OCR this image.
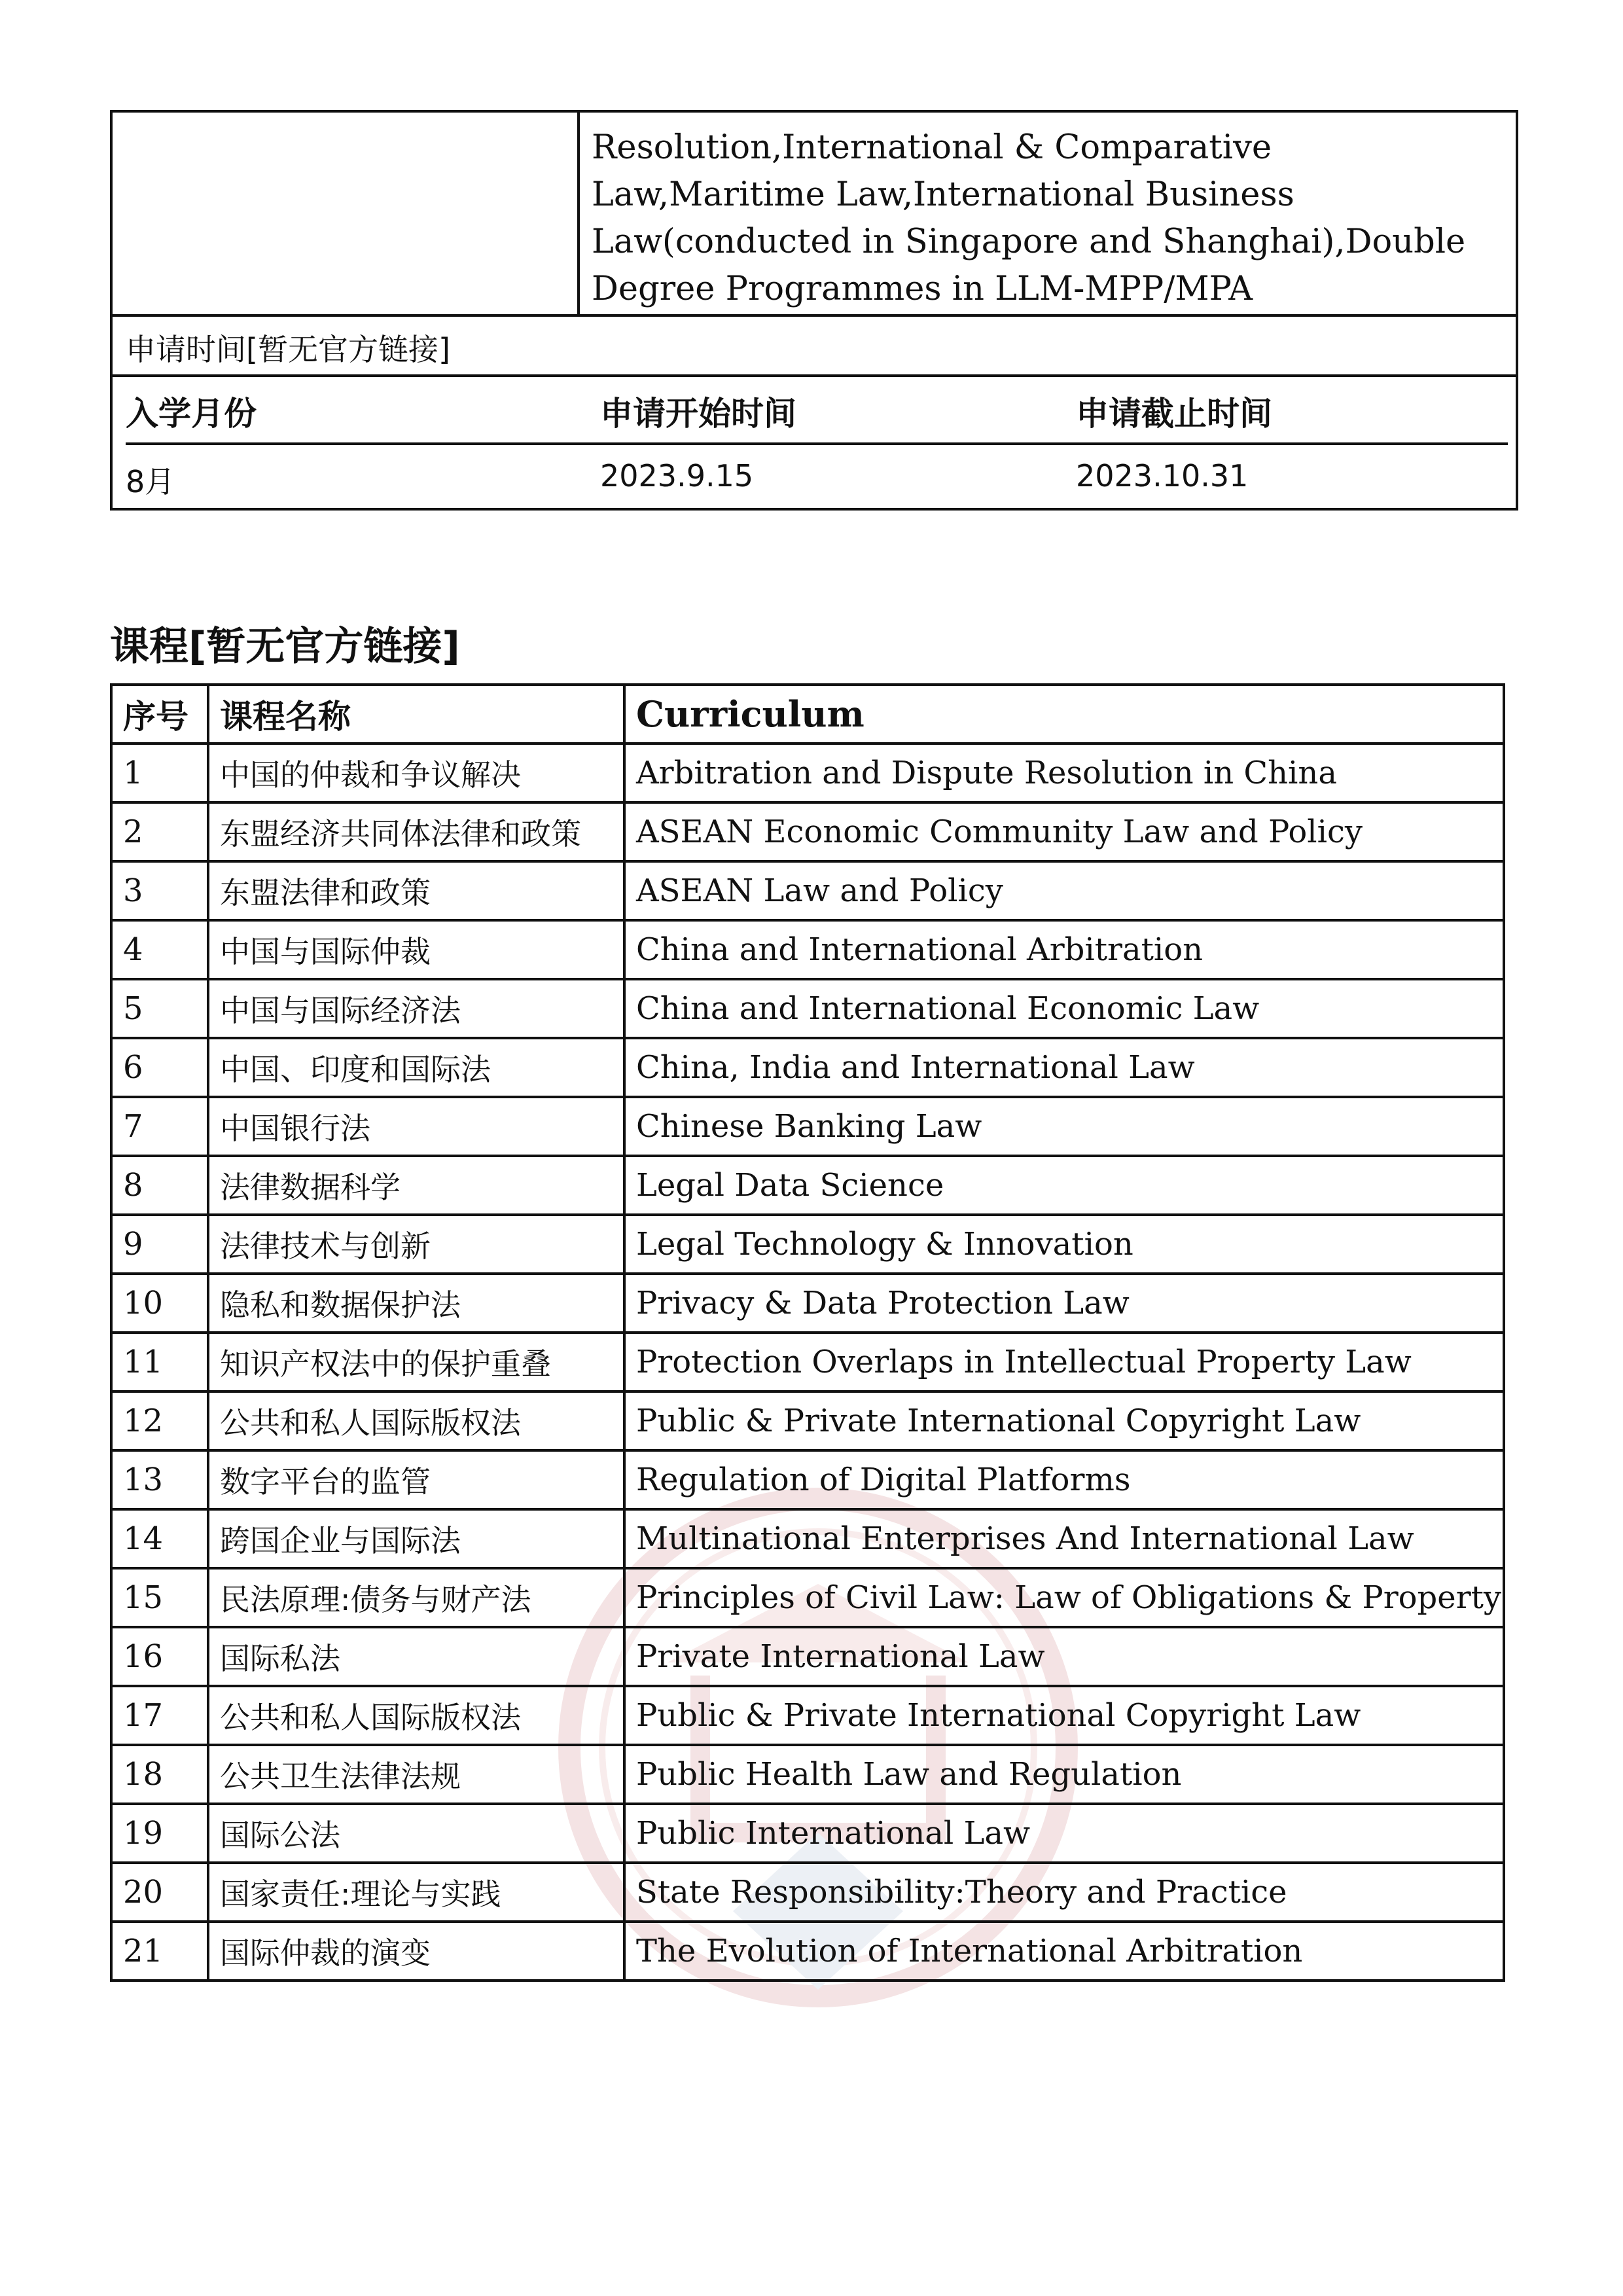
Resolution,International & Comparative Law,Maritime Law,International Business Law(conducted in Singapore and Shanghai),Double Degree Programmes in LLM-MPP/MPA
申请时间[暂无官方链接]
入学月份	申请开始时间	申请截止时间
8月	2023.9.15	2023.10.31
课程[暂无官方链接]
序号	课程名称	Curriculum
1	中国的仲裁和争议解决	Arbitration and Dispute Resolution in China
2	东盟经济共同体法律和政策	ASEAN Economic Community Law and Policy
3	东盟法律和政策	ASEAN Law and Policy
4	中国与国际仲裁	China and International Arbitration
5	中国与国际经济法	China and International Economic Law
6	中国、印度和国际法	China, India and International Law
7	中国银行法	Chinese Banking Law
8	法律数据科学	Legal Data Science
9	法律技术与创新	Legal Technology & Innovation
10	隐私和数据保护法	Privacy & Data Protection Law
11	知识产权法中的保护重叠	Protection Overlaps in Intellectual Property Law
12	公共和私人国际版权法	Public & Private International Copyright Law
13	数字平台的监管	Regulation of Digital Platforms
14	跨国企业与国际法	Multinational Enterprises And International Law
15	民法原理:债务与财产法	Principles of Civil Law: Law of Obligations & Property
16	国际私法	Private International Law
17	公共和私人国际版权法	Public & Private International Copyright Law
18	公共卫生法律法规	Public Health Law and Regulation
19	国际公法	Public International Law
20	国家责任:理论与实践	State Responsibility:Theory and Practice
21	国际仲裁的演变	The Evolution of International Arbitration
